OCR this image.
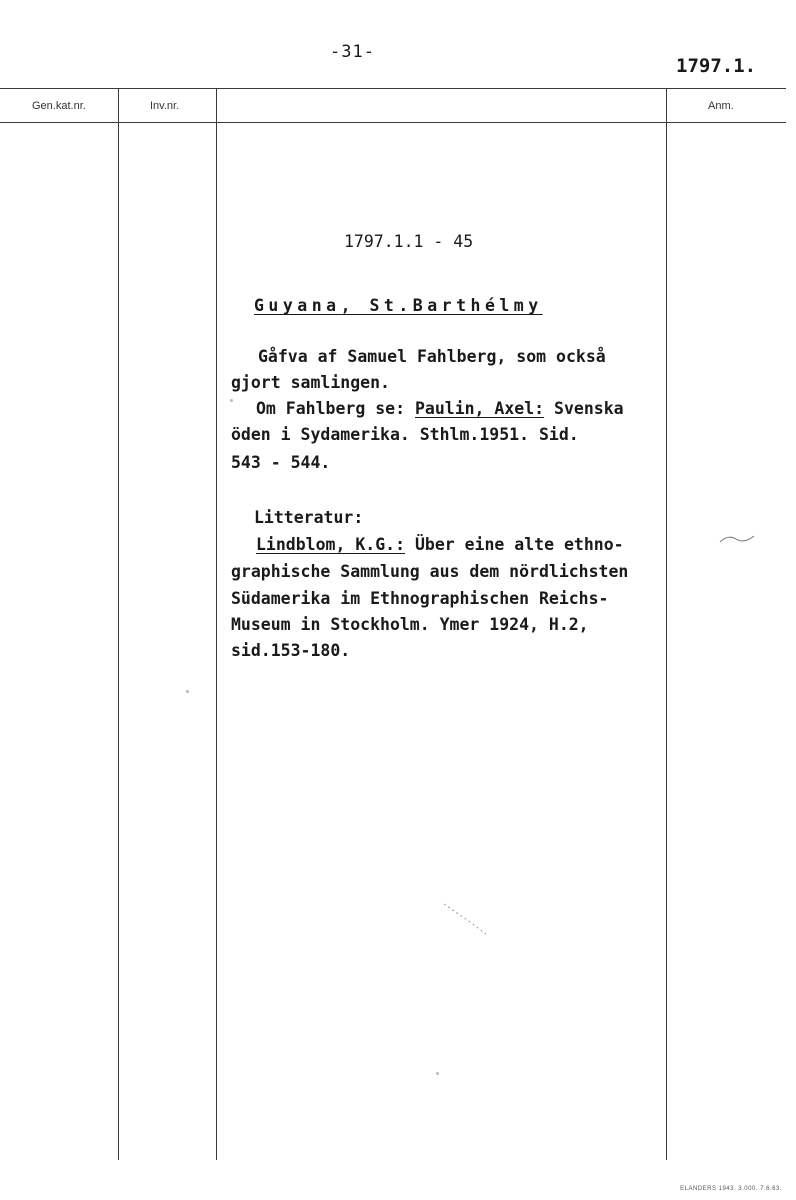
-31-
1797.1.
Gen.kat.nr.	Inv.nr.	Anm.
1797.1.1 - 45
Guyana, St.Barthélmy
Gåfva af Samuel Fahlberg, som också
gjort samlingen.
Om Fahlberg se: Paulin, Axel: Svenska
öden i Sydamerika. Sthlm.1951. Sid.
543 - 544.
Litteratur:
Lindblom, K.G.: Über eine alte ethno-
graphische Sammlung aus dem nördlichsten
Südamerika im Ethnographischen Reichs-
Museum in Stockholm. Ymer 1924, H.2,
sid.153-180.
ELANDERS 1943. 3.000. 7.6.63.
